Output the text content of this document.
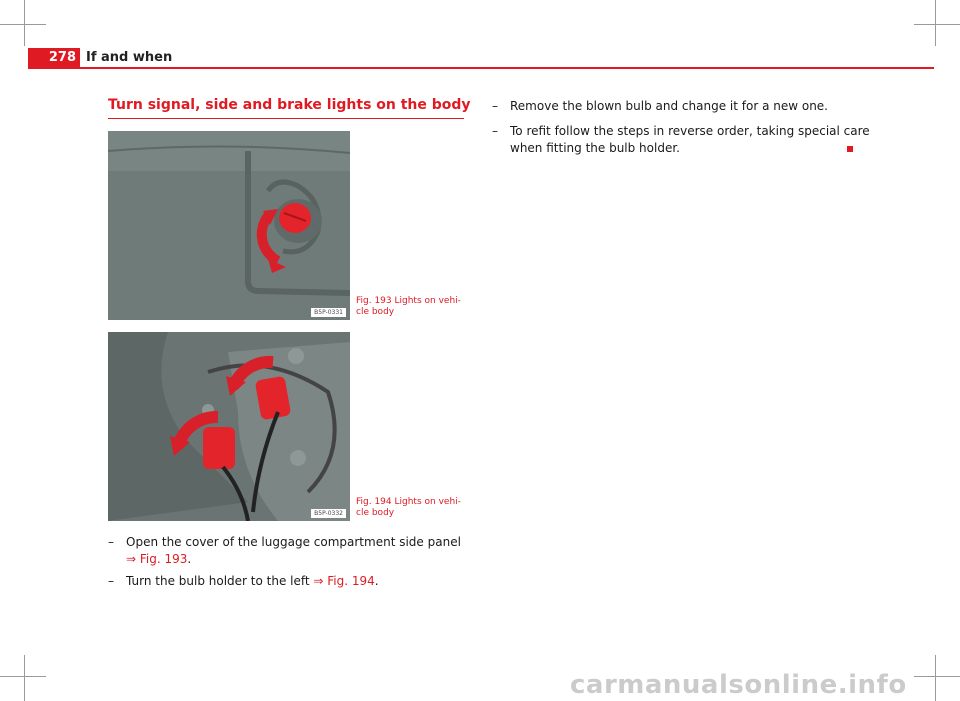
278 If and when
Turn signal, side and brake lights on the body
B5P-0331
Fig. 193 Lights on vehi-
cle body
B5P-0332
Fig. 194 Lights on vehi-
cle body
– Open the cover of the luggage compartment side panel
⇒ Fig. 193.
– Turn the bulb holder to the left ⇒ Fig. 194.
– Remove the blown bulb and change it for a new one.
– To refit follow the steps in reverse order, taking special care
when fitting the bulb holder.
carmanualsonline.info
